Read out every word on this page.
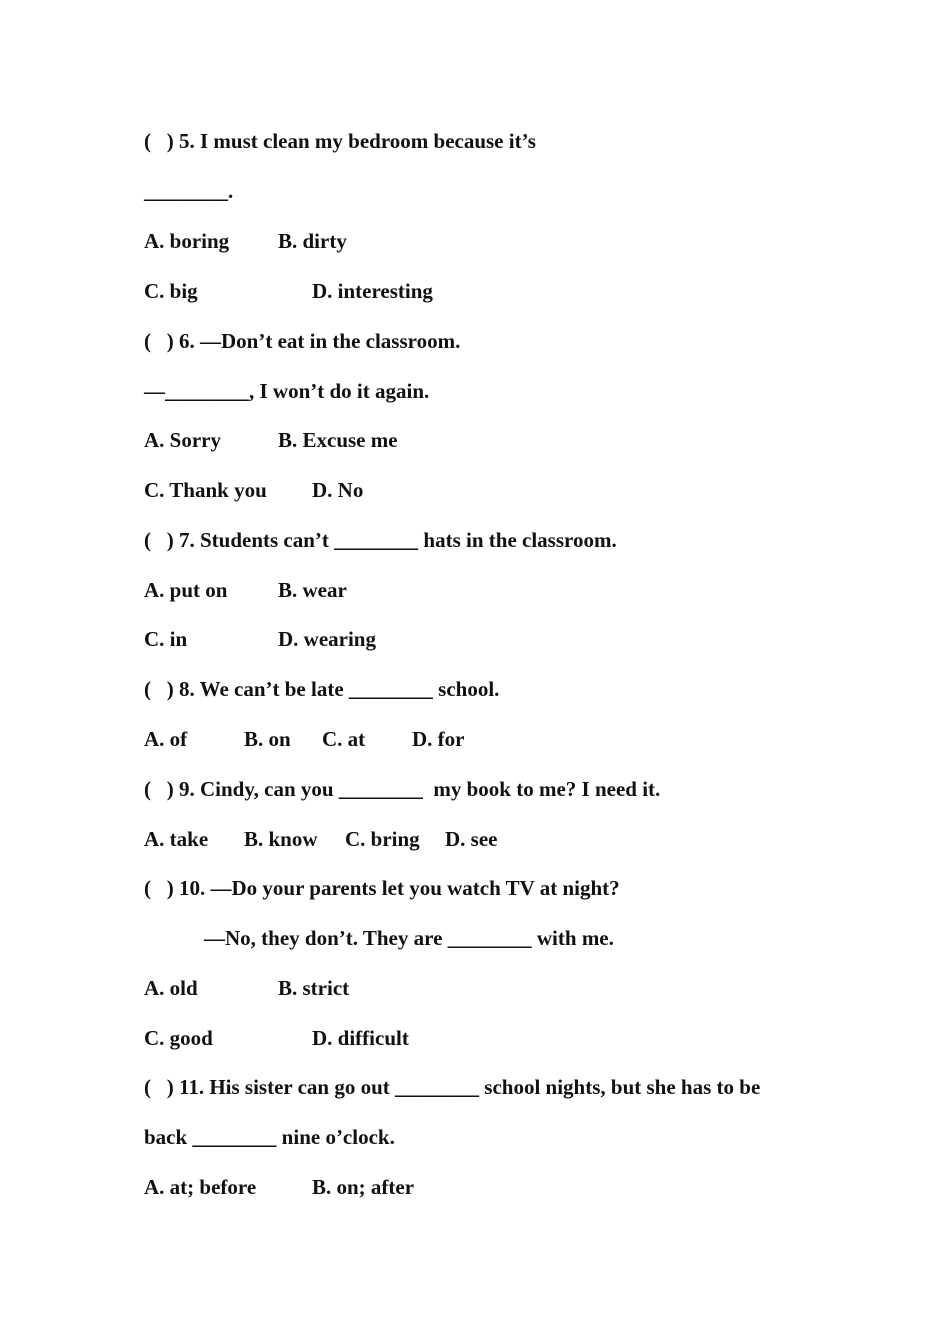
(   ) 5. I must clean my bedroom because it’s
________.
A. boring B. dirty
C. big	D. interesting
(   ) 6. —Don’t eat in the classroom.
—________, I won’t do it again.
A. Sorry	B. Excuse me
C. Thank you D. No
(   ) 7. Students can’t ________ hats in the classroom.
A. put on B. wear
C. in	D. wearing
(   ) 8. We can’t be late ________ school.
A. of	B. on C. at D. for
(   ) 9. Cindy, can you ________  my book to me? I need it.
A. take B. know C. bring D. see
(   ) 10. —Do your parents let you watch TV at night?
—No, they don’t. They are ________ with me.
A. old	B. strict
C. good	D. difficult
(   ) 11. His sister can go out ________ school nights, but she has to be
back ________ nine o’clock.
A. at; before	B. on; after
